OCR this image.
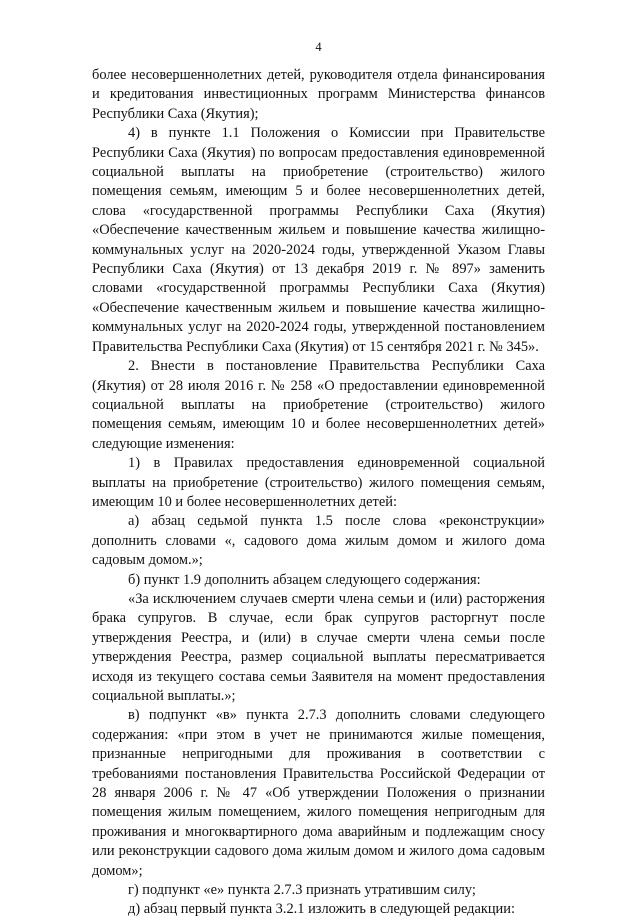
4

более несовершеннолетних детей, руководителя отдела финансирования и кредитования инвестиционных программ Министерства финансов Республики Саха (Якутия);

4) в пункте 1.1 Положения о Комиссии при Правительстве Республики Саха (Якутия) по вопросам предоставления единовременной социальной выплаты на приобретение (строительство) жилого помещения семьям, имеющим 5 и более несовершеннолетних детей, слова «государственной программы Республики Саха (Якутия) «Обеспечение качественным жильем и повышение качества жилищно-коммунальных услуг на 2020-2024 годы, утвержденной Указом Главы Республики Саха (Якутия) от 13 декабря 2019 г. № 897» заменить словами «государственной программы Республики Саха (Якутия) «Обеспечение качественным жильем и повышение качества жилищно-коммунальных услуг на 2020-2024 годы, утвержденной постановлением Правительства Республики Саха (Якутия) от 15 сентября 2021 г. № 345».

2. Внести в постановление Правительства Республики Саха (Якутия) от 28 июля 2016 г. № 258 «О предоставлении единовременной социальной выплаты на приобретение (строительство) жилого помещения семьям, имеющим 10 и более несовершеннолетних детей» следующие изменения:

1) в Правилах предоставления единовременной социальной выплаты на приобретение (строительство) жилого помещения семьям, имеющим 10 и более несовершеннолетних детей:

а) абзац седьмой пункта 1.5 после слова «реконструкции» дополнить словами «, садового дома жилым домом и жилого дома садовым домом.»;

б) пункт 1.9 дополнить абзацем следующего содержания:

«За исключением случаев смерти члена семьи и (или) расторжения брака супругов. В случае, если брак супругов расторгнут после утверждения Реестра, и (или) в случае смерти члена семьи после утверждения Реестра, размер социальной выплаты пересматривается исходя из текущего состава семьи Заявителя на момент предоставления социальной выплаты.»;

в) подпункт «в» пункта 2.7.3 дополнить словами следующего содержания: «при этом в учет не принимаются жилые помещения, признанные непригодными для проживания в соответствии с требованиями постановления Правительства Российской Федерации от 28 января 2006 г. № 47 «Об утверждении Положения о признании помещения жилым помещением, жилого помещения непригодным для проживания и многоквартирного дома аварийным и подлежащим сносу или реконструкции садового дома жилым домом и жилого дома садовым домом»;

г) подпункт «е» пункта 2.7.3 признать утратившим силу;

д) абзац первый пункта 3.2.1 изложить в следующей редакции:
